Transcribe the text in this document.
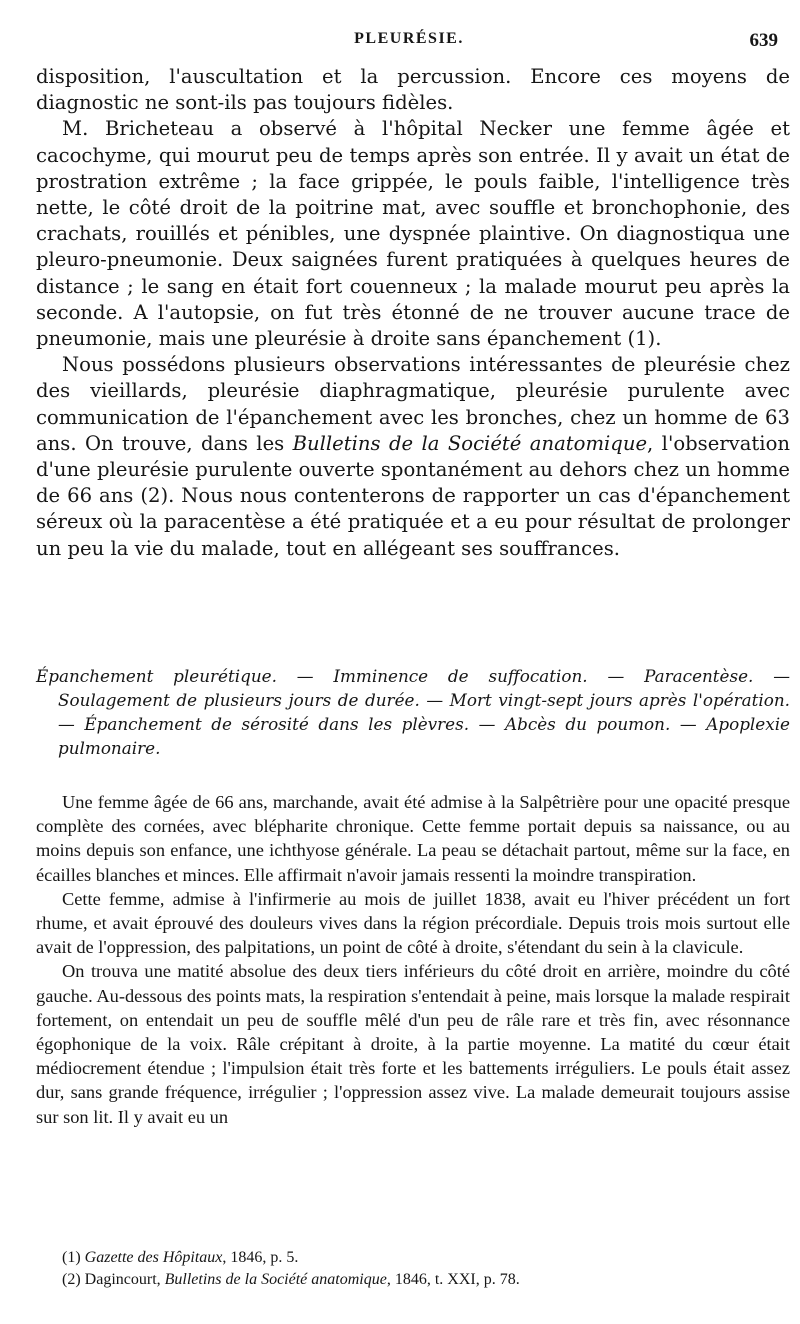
PLEURÉSIE.	639

disposition, l'auscultation et la percussion. Encore ces moyens de diagnostic ne sont-ils pas toujours fidèles.

M. Bricheteau a observé à l'hôpital Necker une femme âgée et cacochyme, qui mourut peu de temps après son entrée. Il y avait un état de prostration extrême ; la face grippée, le pouls faible, l'intelligence très nette, le côté droit de la poitrine mat, avec souffle et bronchophonie, des crachats, rouillés et pénibles, une dyspnée plaintive. On diagnostiqua une pleuro-pneumonie. Deux saignées furent pratiquées à quelques heures de distance ; le sang en était fort couenneux ; la malade mourut peu après la seconde. A l'autopsie, on fut très étonné de ne trouver aucune trace de pneumonie, mais une pleurésie à droite sans épanchement (1).

Nous possédons plusieurs observations intéressantes de pleurésie chez des vieillards, pleurésie diaphragmatique, pleurésie purulente avec communication de l'épanchement avec les bronches, chez un homme de 63 ans. On trouve, dans les Bulletins de la Société anatomique, l'observation d'une pleurésie purulente ouverte spontanément au dehors chez un homme de 66 ans (2). Nous nous contenterons de rapporter un cas d'épanchement séreux où la paracentèse a été pratiquée et a eu pour résultat de prolonger un peu la vie du malade, tout en allégeant ses souffrances.

Épanchement pleurétique. — Imminence de suffocation. — Paracentèse. — Soulagement de plusieurs jours de durée. — Mort vingt-sept jours après l'opération. — Épanchement de sérosité dans les plèvres. — Abcès du poumon. — Apoplexie pulmonaire.

Une femme âgée de 66 ans, marchande, avait été admise à la Salpêtrière pour une opacité presque complète des cornées, avec blépharite chronique. Cette femme portait depuis sa naissance, ou au moins depuis son enfance, une ichthyose générale. La peau se détachait partout, même sur la face, en écailles blanches et minces. Elle affirmait n'avoir jamais ressenti la moindre transpiration.

Cette femme, admise à l'infirmerie au mois de juillet 1838, avait eu l'hiver précédent un fort rhume, et avait éprouvé des douleurs vives dans la région précordiale. Depuis trois mois surtout elle avait de l'oppression, des palpitations, un point de côté à droite, s'étendant du sein à la clavicule.

On trouva une matité absolue des deux tiers inférieurs du côté droit en arrière, moindre du côté gauche. Au-dessous des points mats, la respiration s'entendait à peine, mais lorsque la malade respirait fortement, on entendait un peu de souffle mêlé d'un peu de râle rare et très fin, avec résonnance égophonique de la voix. Râle crépitant à droite, à la partie moyenne. La matité du cœur était médiocrement étendue ; l'impulsion était très forte et les battements irréguliers. Le pouls était assez dur, sans grande fréquence, irrégulier ; l'oppression assez vive. La malade demeurait toujours assise sur son lit. Il y avait eu un

(1) Gazette des Hôpitaux, 1846, p. 5.

(2) Dagincourt, Bulletins de la Société anatomique, 1846, t. XXI, p. 78.
